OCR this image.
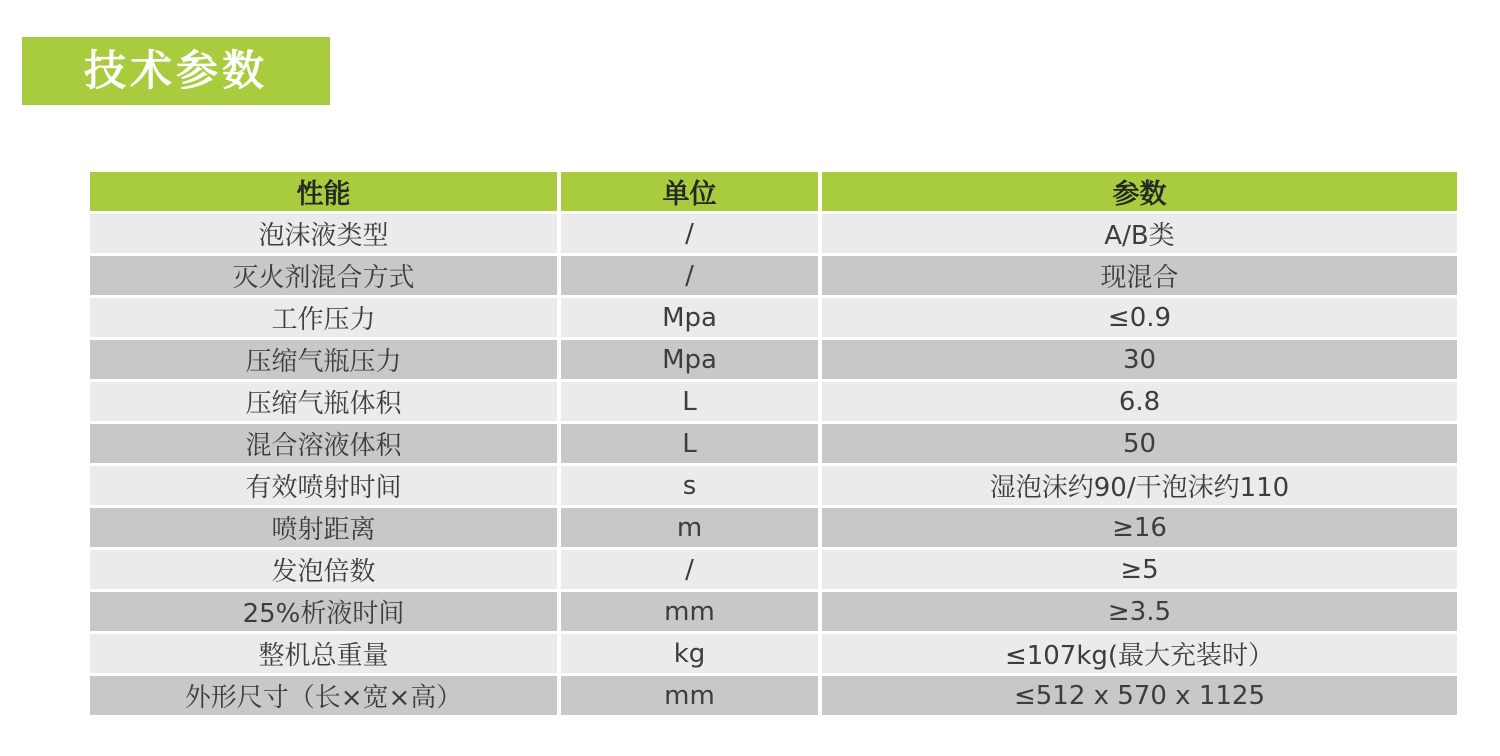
技术参数
性能	单位	参数
泡沫液类型	/	A/B类
灭火剂混合方式	/	现混合
工作压力	Mpa	≤0.9
压缩气瓶压力	Mpa	30
压缩气瓶体积	L	6.8
混合溶液体积	L	50
有效喷射时间	s	湿泡沫约90/干泡沫约110
喷射距离	m	≥16
发泡倍数	/	≥5
25%析液时间	mm	≥3.5
整机总重量	kg	≤107kg(最大充装时）
外形尺寸（长×宽×高）	mm	≤512 x 570 x 1125
